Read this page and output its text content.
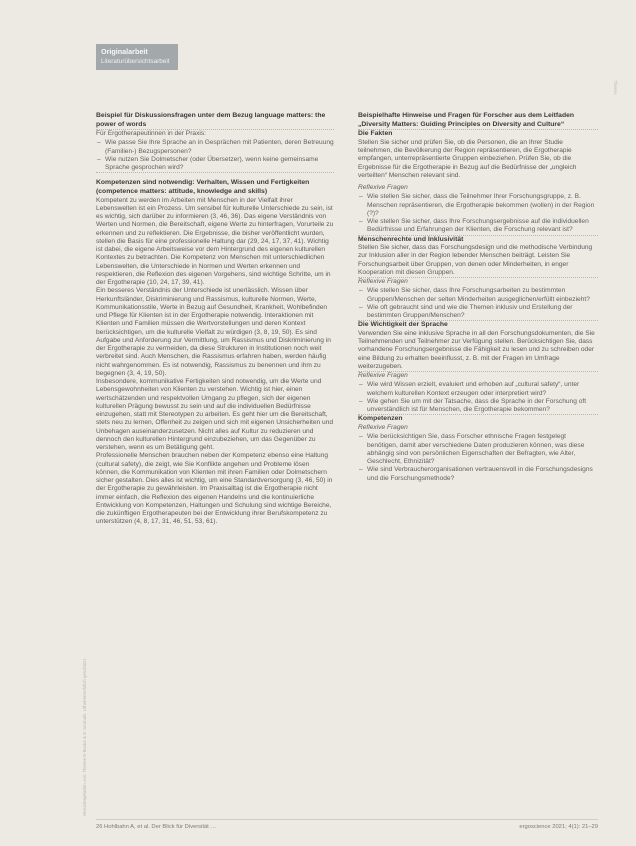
Originalarbeit
Literaturübersichtsarbeit
Heruntergeladen von: Thieme E-Books & E-Journals. Urheberrechtlich geschützt.
Thieme
Beispiel für Diskussionsfragen unter dem Bezug language matters: the power of words
Für Ergotherapeutinnen in der Praxis:
– Wie passe Sie Ihre Sprache an in Gesprächen mit Patienten, deren Betreuung (Familien-) Bezugspersonen?
– Wie nutzen Sie Dolmetscher (oder Übersetzer), wenn keine gemeinsame Sprache gesprochen wird?
Kompetenzen sind notwendig: Verhalten, Wissen und Fertigkeiten (competence matters: attitude, knowledge and skills)
Kompetent zu werden im Arbeiten mit Menschen in der Vielfalt ihrer Lebenswelten ist ein Prozess. Um sensibel für kulturelle Unterschiede zu sein, ist es wichtig, sich darüber zu informieren (3, 46, 36). Das eigene Verständnis von Werten und Normen, die Bereitschaft, eigene Werte zu hinterfragen, Vorurteile zu erkennen und zu reflektieren. Die Ergebnisse, die bisher veröffentlicht wurden, stellen die Basis für eine professionelle Haltung dar (29, 24, 17, 37, 41). Wichtig ist dabei, die eigene Arbeitsweise vor dem Hintergrund des eigenen kulturellen Kontextes zu betrachten. Die Kompetenz von Menschen mit unterschiedlichen Lebenswelten, die Unterschiede in Normen und Werten erkennen und respektieren, die Reflexion des eigenen Vorgehens, sind wichtige Schritte, um in der Ergotherapie (10, 24, 17, 39, 41).
Ein besseres Verständnis der Unterschiede ist unerlässlich. Wissen über Herkunftsländer, Diskriminierung und Rassismus, kulturelle Normen, Werte, Kommunikationsstile, Werte in Bezug auf Gesundheit, Krankheit, Wohlbefinden und Pflege für Klienten ist in der Ergotherapie notwendig. Interaktionen mit Klienten und Familien müssen die Wertvorstellungen und deren Kontext berücksichtigen, um die kulturelle Vielfalt zu würdigen (3, 8, 19, 50). Es sind Aufgabe und Anforderung zur Vermittlung, um Rassismus und Diskriminierung in der Ergotherapie zu vermeiden, da diese Strukturen in Institutionen noch weit verbreitet sind. Auch Menschen, die Rassismus erfahren haben, werden häufig nicht wahrgenommen. Es ist notwendig, Rassismus zu benennen und ihm zu begegnen (3, 4, 19, 50).
Insbesondere, kommunikative Fertigkeiten sind notwendig, um die Werte und Lebensgewohnheiten von Klienten zu verstehen. Wichtig ist hier, einen wertschätzenden und respektvollen Umgang zu pflegen, sich der eigenen kulturellen Prägung bewusst zu sein und auf die individuellen Bedürfnisse einzugehen, statt mit Stereotypen zu arbeiten. Es geht hier um die Bereitschaft, stets neu zu lernen, Offenheit zu zeigen und sich mit eigenen Unsicherheiten und Unbehagen auseinanderzusetzen. Nicht alles auf Kultur zu reduzieren und dennoch den kulturellen Hintergrund einzubeziehen, um das Gegenüber zu verstehen, wenn es um Betätigung geht.
Professionelle Menschen brauchen neben der Kompetenz ebenso eine Haltung (cultural safety), die zeigt, wie Sie Konflikte angehen und Probleme lösen können, die Kommunikation von Klienten mit ihren Familien oder Dolmetschern sicher gestalten. Dies alles ist wichtig, um eine Standardversorgung (3, 46, 50) in der Ergotherapie zu gewährleisten. Im Praxisalltag ist die Ergotherapie nicht immer einfach, die Reflexion des eigenen Handelns und die kontinuierliche Entwicklung von Kompetenzen, Haltungen und Schulung sind wichtige Bereiche, die zukünftigen Ergotherapeuten bei der Entwicklung ihrer Berufskompetenz zu unterstützen (4, 8, 17, 31, 46, 51, 53, 61).
Beispielhafte Hinweise und Fragen für Forscher aus dem Leitfaden „Diversity Matters: Guiding Principles on Diversity and Culture“
Die Fakten
Stellen Sie sicher und prüfen Sie, ob die Personen, die an Ihrer Studie teilnehmen, die Bevölkerung der Region repräsentieren, die Ergotherapie empfangen, unterrepräsentierte Gruppen einbeziehen. Prüfen Sie, ob die Ergebnisse für die Ergotherapie in Bezug auf die Bedürfnisse der „ungleich verteilten“ Menschen relevant sind.
Reflexive Fragen
– Wie stellen Sie sicher, dass die Teilnehmer Ihrer Forschungsgruppe, z. B. Menschen repräsentieren, die Ergotherapie bekommen (wollen) in der Region (?)?
– Wie stellen Sie sicher, dass Ihre Forschungsergebnisse auf die individuellen Bedürfnisse und Erfahrungen der Klienten, die Forschung relevant ist?
Menschenrechte und Inklusivität
Stellen Sie sicher, dass das Forschungsdesign und die methodische Verbindung zur Inklusion aller in der Region lebender Menschen beiträgt. Leisten Sie Forschungsarbeit über Gruppen, von denen oder Minderheiten, in enger Kooperation mit diesen Gruppen.
Reflexive Fragen
– Wie stellen Sie sicher, dass Ihre Forschungsarbeiten zu bestimmten Gruppen/Menschen der selten Minderheiten ausgeglichen/erfüllt einbezieht?
– Wie oft gebraucht sind und wie die Themen inklusiv und Erstellung der bestimmten Gruppen/Menschen?
Die Wichtigkeit der Sprache
Verwenden Sie eine inklusive Sprache in all den Forschungsdokumenten, die Sie Teilnehmenden und Teilnehmer zur Verfügung stellen. Berücksichtigen Sie, dass vorhandene Forschungsergebnisse die Fähigkeit zu lesen und zu schreiben oder eine Bildung zu erhalten beeinflusst, z. B. mit der Fragen im Umfrage weiterzugeben.
Reflexive Fragen
– Wie wird Wissen erzielt, evaluiert und erhoben auf „cultural safety“, unter welchem kulturellen Kontext erzeugen oder interpretiert wird?
– Wie gehen Sie um mit der Tatsache, dass die Sprache in der Forschung oft unverständlich ist für Menschen, die Ergotherapie bekommen?
Kompetenzen
Reflexive Fragen
– Wie berücksichtigen Sie, dass Forscher ethnische Fragen festgelegt benötigen, damit aber verschiedene Daten produzieren können, was diese abhängig sind von persönlichen Eigenschaften der Befragten, wie Alter, Geschlecht, Ethnizität?
– Wie sind Verbraucherorganisationen vertrauensvoll in die Forschungsdesigns und die Forschungsmethode?
26 Hohlbahn A, et al. Der Blick für Diversität …	ergoscience 2021; 4(1): 21–29
